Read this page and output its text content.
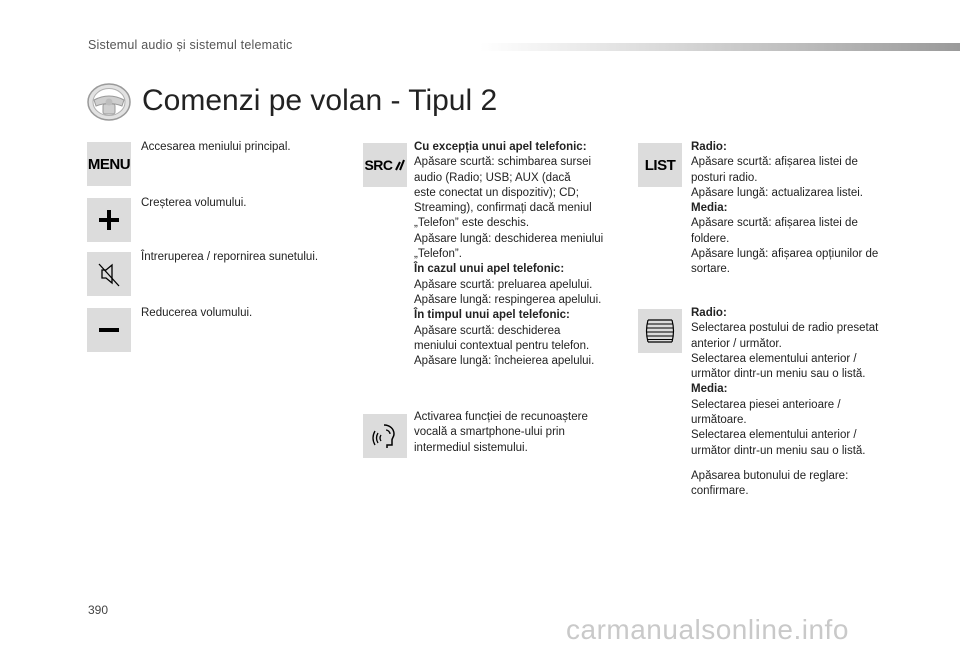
Sistemul audio și sistemul telematic
Comenzi pe volan - Tipul 2
MENU
Accesarea meniului principal.
Creșterea volumului.
Întreruperea / repornirea sunetului.
Reducerea volumului.
SRC
Cu excepția unui apel telefonic:
Apăsare scurtă: schimbarea sursei
audio (Radio; USB; AUX (dacă
este conectat un dispozitiv); CD;
Streaming), confirmați dacă meniul
„Telefon” este deschis.
Apăsare lungă: deschiderea meniului
„Telefon”.
În cazul unui apel telefonic:
Apăsare scurtă: preluarea apelului.
Apăsare lungă: respingerea apelului.
În timpul unui apel telefonic:
Apăsare scurtă: deschiderea
meniului contextual pentru telefon.
Apăsare lungă: încheierea apelului.
Activarea funcției de recunoaștere
vocală a smartphone-ului prin
intermediul sistemului.
LIST
Radio:
Apăsare scurtă: afișarea listei de
posturi radio.
Apăsare lungă: actualizarea listei.
Media:
Apăsare scurtă: afișarea listei de
foldere.
Apăsare lungă: afișarea opțiunilor de
sortare.
Radio:
Selectarea postului de radio presetat
anterior / următor.
Selectarea elementului anterior /
următor dintr-un meniu sau o listă.
Media:
Selectarea piesei anterioare /
următoare.
Selectarea elementului anterior /
următor dintr-un meniu sau o listă.
Apăsarea butonului de reglare:
confirmare.
390
carmanualsonline.info
